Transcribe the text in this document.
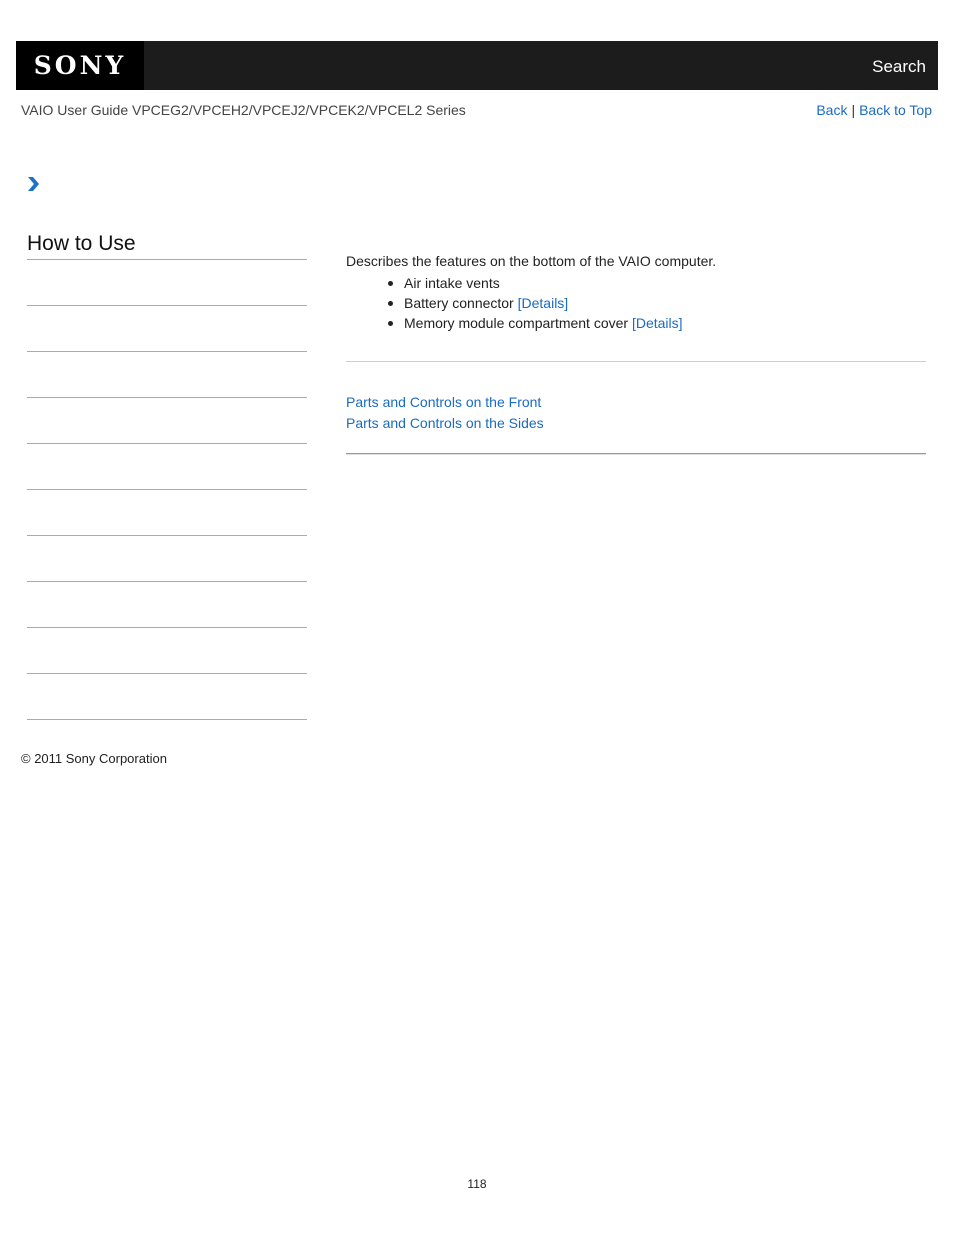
SONY	Search
VAIO User Guide VPCEG2/VPCEH2/VPCEJ2/VPCEK2/VPCEL2 Series	Back | Back to Top
How to Use

Describes the features on the bottom of the VAIO computer.

Air intake vents
Battery connector [Details]
Memory module compartment cover [Details]
Parts and Controls on the Front
Parts and Controls on the Sides
© 2011 Sony Corporation
118
